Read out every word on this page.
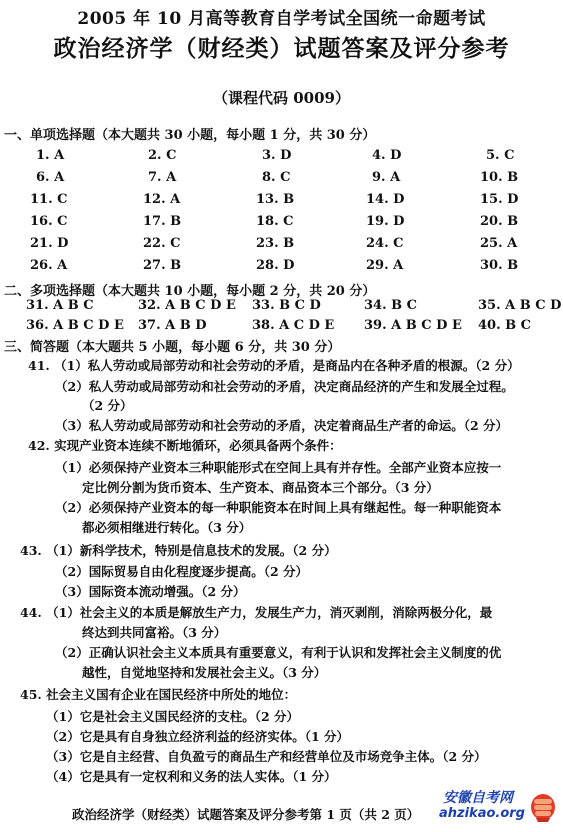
2005 年 10 月高等教育自学考试全国统一命题考试
政治经济学（财经类）试题答案及评分参考
（课程代码 0009）
一、单项选择题（本大题共 30 小题，每小题 1 分，共 30 分）
1. A	2. C	3. D	4. D	5. C
6. A	7. A	8. C	9. A	10. B
11. C	12. A	13. B	14. D	15. D
16. C	17. B	18. C	19. D	20. B
21. D	22. C	23. B	24. C	25. A
26. A	27. B	28. D	29. A	30. B
二、多项选择题（本大题共 10 小题，每小题 2 分，共 20 分）
31. A B C	32. A B C D E 33. B C D	34. B C	35. A B C D
36. A B C D E 37. A B D	38. A C D E 39. A B C D E 40. B C
三、简答题（本大题共 5 小题，每小题 6 分，共 30 分）
41. （1）私人劳动或局部劳动和社会劳动的矛盾，是商品内在各种矛盾的根源。（2 分）
（2）私人劳动或局部劳动和社会劳动的矛盾，决定商品经济的产生和发展全过程。
（2 分）
（3）私人劳动或局部劳动和社会劳动的矛盾，决定着商品生产者的命运。（2 分）
42. 实现产业资本连续不断地循环，必须具备两个条件：
（1）必须保持产业资本三种职能形式在空间上具有并存性。全部产业资本应按一
定比例分割为货币资本、生产资本、商品资本三个部分。（3 分）
（2）必须保持产业资本的每一种职能资本在时间上具有继起性。每一种职能资本
都必须相继进行转化。（3 分）
43. （1）新科学技术，特别是信息技术的发展。（2 分）
（2）国际贸易自由化程度逐步提高。（2 分）
（3）国际资本流动增强。（2 分）
44. （1）社会主义的本质是解放生产力，发展生产力，消灭剥削，消除两极分化，最
终达到共同富裕。（3 分）
（2）正确认识社会主义本质具有重要意义，有利于认识和发挥社会主义制度的优
越性，自觉地坚持和发展社会主义。（3 分）
45. 社会主义国有企业在国民经济中所处的地位：
（1）它是社会主义国民经济的支柱。（2 分）
（2）它是具有自身独立经济利益的经济实体。（1 分）
（3）它是自主经营、自负盈亏的商品生产和经营单位及市场竞争主体。（2 分）
（4）它是具有一定权利和义务的法人实体。（1 分）
政治经济学（财经类）试题答案及评分参考第 1 页（共 2 页）
安徽自考网
ahzikao.org
